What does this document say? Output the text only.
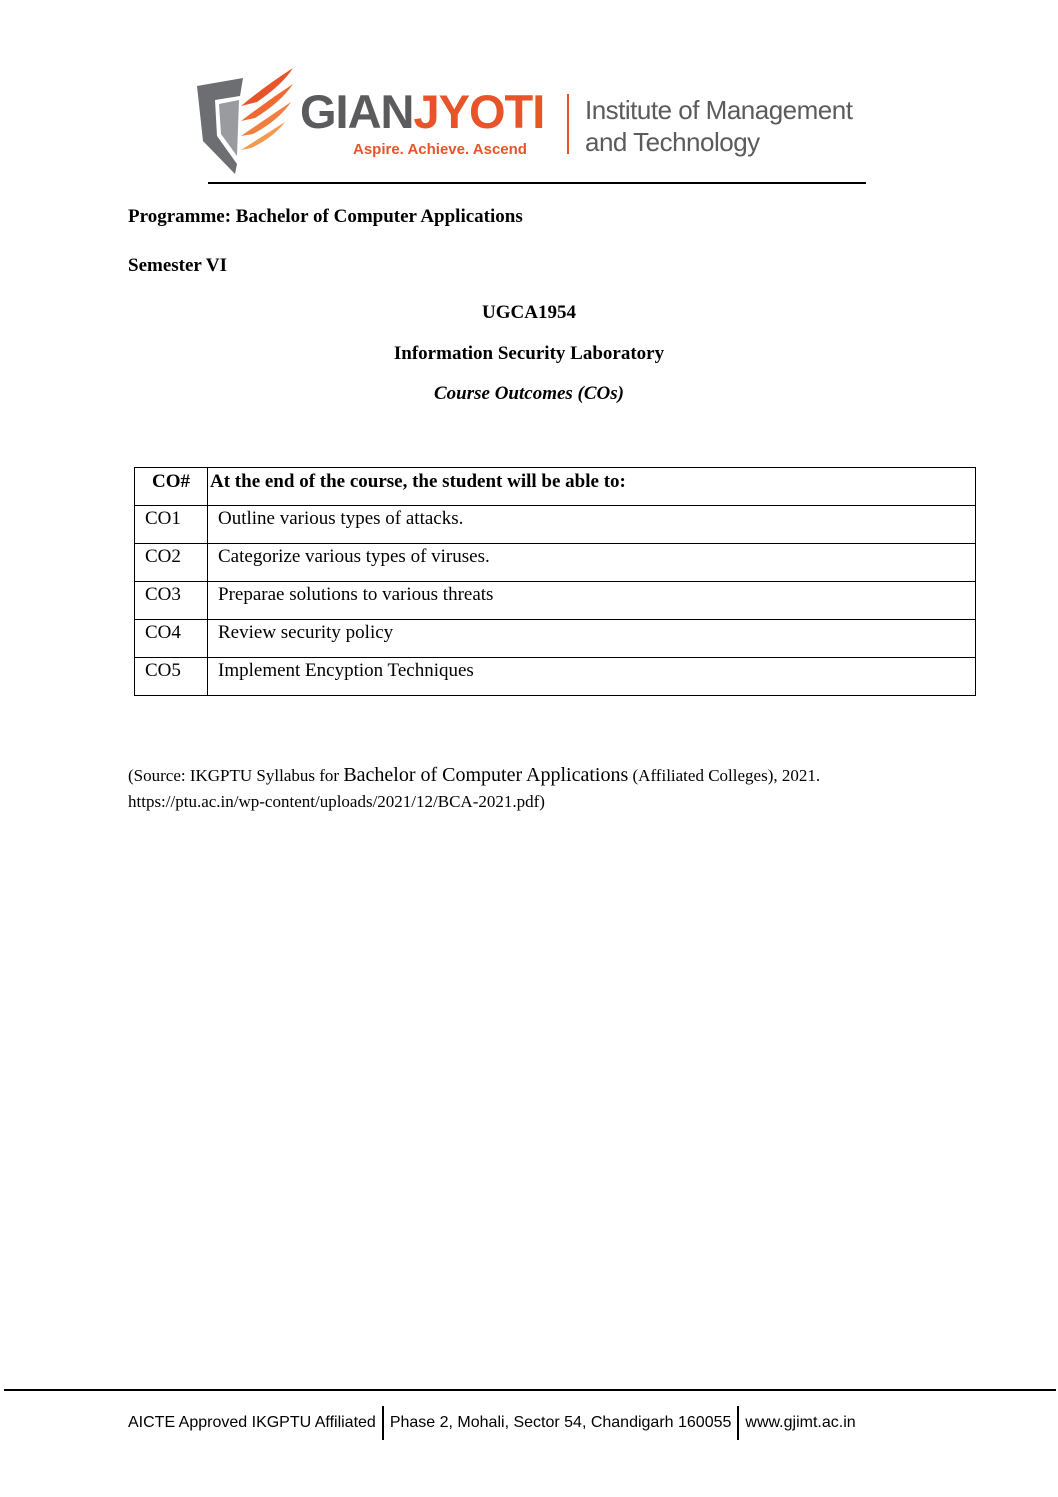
GIANJYOTI
Aspire. Achieve. Ascend
Institute of Management
and Technology
Programme: Bachelor of Computer Applications
Semester VI
UGCA1954
Information Security Laboratory
Course Outcomes (COs)
CO#	At the end of the course, the student will be able to:
CO1	Outline various types of attacks.
CO2	Categorize various types of viruses.
CO3	Preparae solutions to various threats
CO4	Review security policy
CO5	Implement Encyption Techniques
(Source: IKGPTU Syllabus for Bachelor of Computer Applications (Affiliated Colleges), 2021.
https://ptu.ac.in/wp-content/uploads/2021/12/BCA-2021.pdf)
AICTE Approved IKGPTU Affiliated Phase 2, Mohali, Sector 54, Chandigarh 160055 www.gjimt.ac.in
